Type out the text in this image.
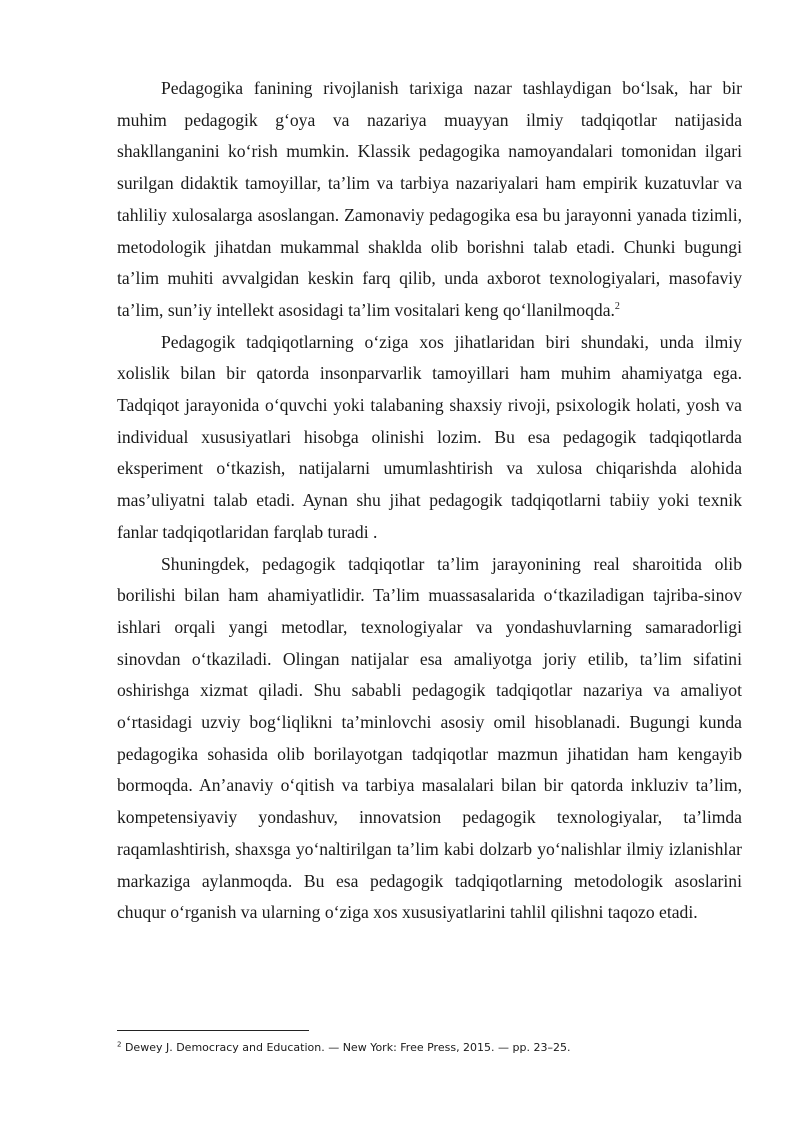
Pedagogika fanining rivojlanish tarixiga nazar tashlaydigan boʻlsak, har bir muhim pedagogik gʻoya va nazariya muayyan ilmiy tadqiqotlar natijasida shakllanganini koʻrish mumkin. Klassik pedagogika namoyandalari tomonidan ilgari surilgan didaktik tamoyillar, ta’lim va tarbiya nazariyalari ham empirik kuzatuvlar va tahliliy xulosalarga asoslangan. Zamonaviy pedagogika esa bu jarayonni yanada tizimli, metodologik jihatdan mukammal shaklda olib borishni talab etadi. Chunki bugungi ta’lim muhiti avvalgidan keskin farq qilib, unda axborot texnologiyalari, masofaviy ta’lim, sun’iy intellekt asosidagi ta’lim vositalari keng qoʻllanilmoqda.$^2$

Pedagogik tadqiqotlarning oʻziga xos jihatlaridan biri shundaki, unda ilmiy xolislik bilan bir qatorda insonparvarlik tamoyillari ham muhim ahamiyatga ega. Tadqiqot jarayonida oʻquvchi yoki talabaning shaxsiy rivoji, psixologik holati, yosh va individual xususiyatlari hisobga olinishi lozim. Bu esa pedagogik tadqiqotlarda eksperiment oʻtkazish, natijalarni umumlashtirish va xulosa chiqarishda alohida mas’uliyatni talab etadi. Aynan shu jihat pedagogik tadqiqotlarni tabiiy yoki texnik fanlar tadqiqotlaridan farqlab turadi .

Shuningdek, pedagogik tadqiqotlar ta’lim jarayonining real sharoitida olib borilishi bilan ham ahamiyatlidir. Ta’lim muassasalarida oʻtkaziladigan tajriba-sinov ishlari orqali yangi metodlar, texnologiyalar va yondashuvlarning samaradorligi sinovdan oʻtkaziladi. Olingan natijalar esa amaliyotga joriy etilib, ta’lim sifatini oshirishga xizmat qiladi. Shu sababli pedagogik tadqiqotlar nazariya va amaliyot oʻrtasidagi uzviy bogʻliqlikni ta’minlovchi asosiy omil hisoblanadi. Bugungi kunda pedagogika sohasida olib borilayotgan tadqiqotlar mazmun jihatidan ham kengayib bormoqda. An’anaviy oʻqitish va tarbiya masalalari bilan bir qatorda inkluziv ta’lim, kompetensiyaviy yondashuv, innovatsion pedagogik texnologiyalar, ta’limda raqamlashtirish, shaxsga yoʻnaltirilgan ta’lim kabi dolzarb yoʻnalishlar ilmiy izlanishlar markaziga aylanmoqda. Bu esa pedagogik tadqiqotlarning metodologik asoslarini chuqur oʻrganish va ularning oʻziga xos xususiyatlarini tahlil qilishni taqozo etadi.

$^2$ Dewey J. Democracy and Education. — New York: Free Press, 2015. — pp. 23–25.
